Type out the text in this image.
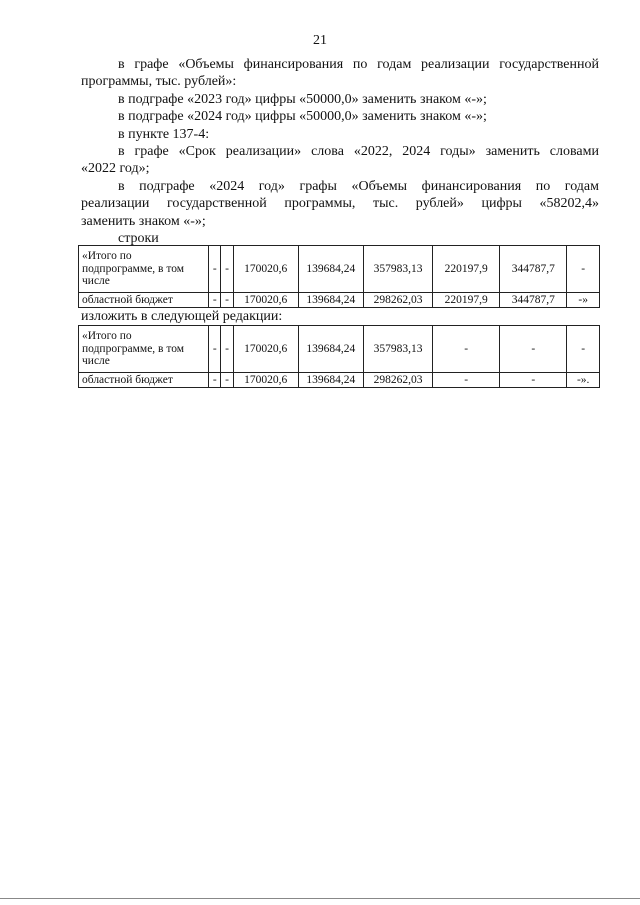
21

в графе «Объемы финансирования по годам реализации государственной

программы, тыс. рублей»:

в подграфе «2023 год» цифры «50000,0» заменить знаком «-»;

в подграфе «2024 год» цифры «50000,0» заменить знаком «-»;

в пункте 137-4:

в графе «Срок реализации» слова «2022, 2024 годы» заменить словами

«2022 год»;

в подграфе «2024 год» графы «Объемы финансирования по годам

реализации государственной программы, тыс. рублей» цифры «58202,4»

заменить знаком «-»;

строки
«Итого по подпрограмме, в том числе	-	-	170020,6	139684,24	357983,13	220197,9	344787,7	-
областной бюджет	-	-	170020,6	139684,24	298262,03	220197,9	344787,7	-»
изложить в следующей редакции:
«Итого по подпрограмме, в том числе	-	-	170020,6	139684,24	357983,13	-	-	-
областной бюджет	-	-	170020,6	139684,24	298262,03	-	-	-».
